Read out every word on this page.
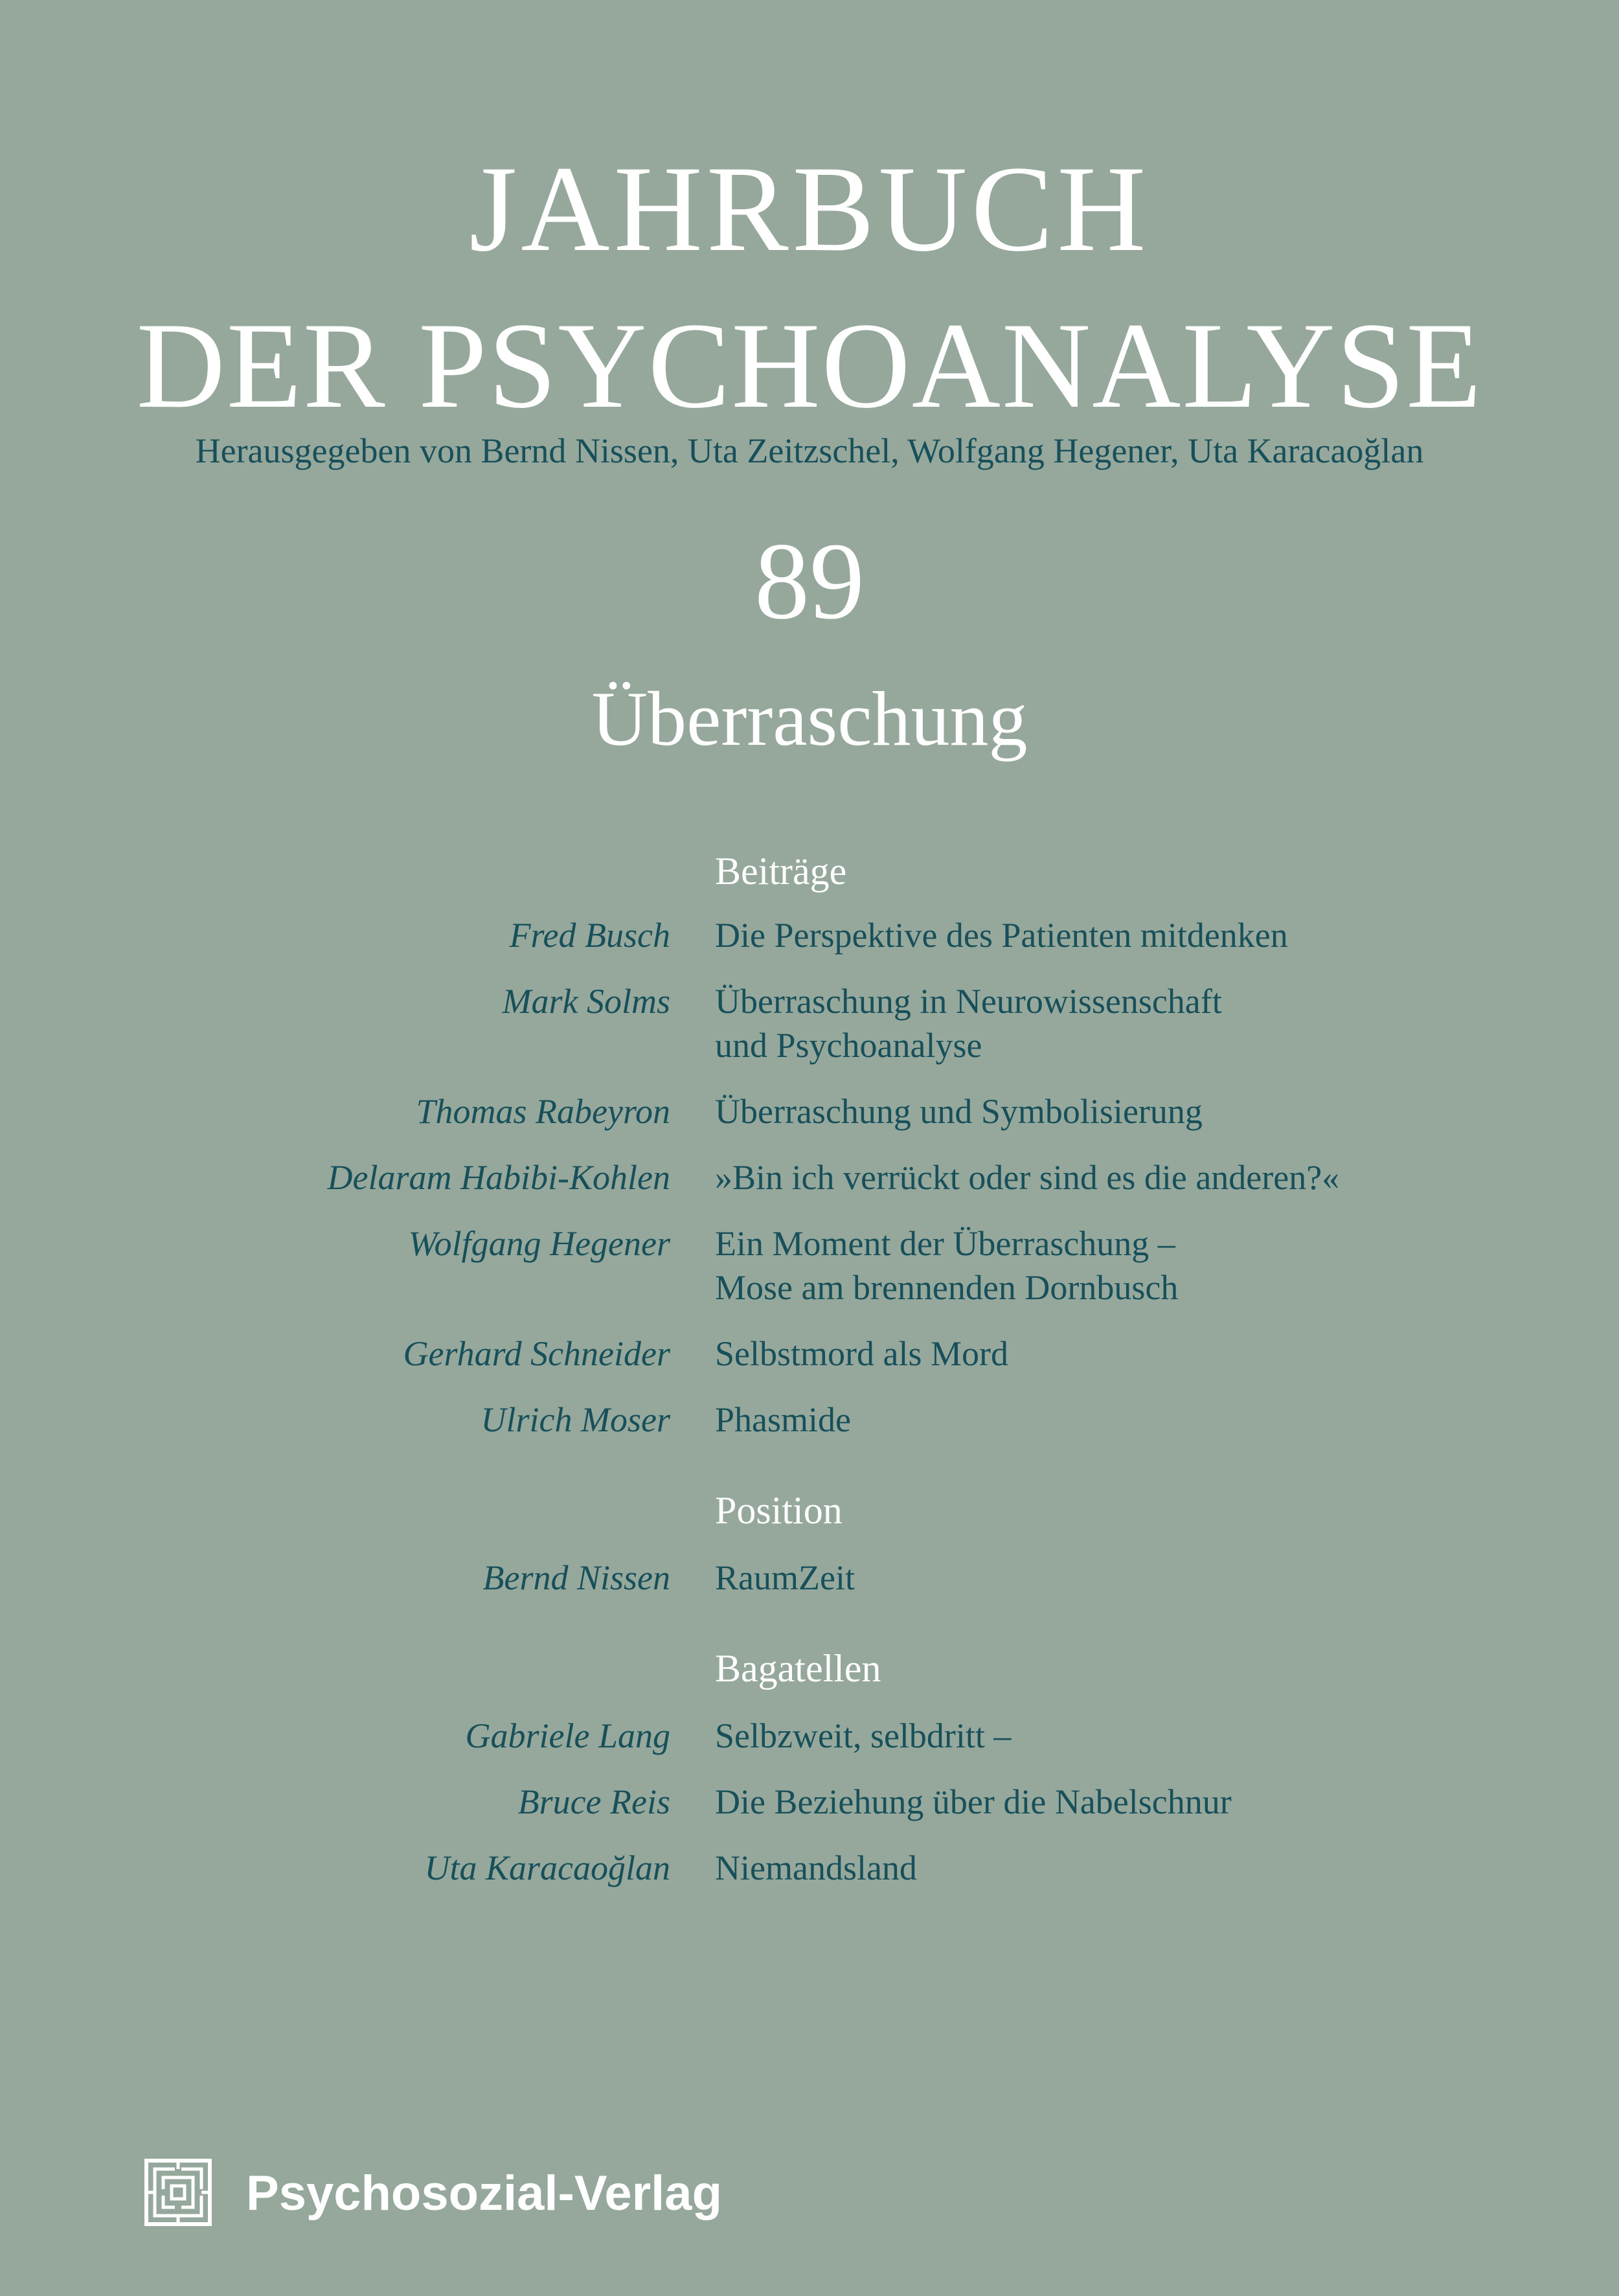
JAHRBUCH
DER PSYCHOANALYSE
Herausgegeben von Bernd Nissen, Uta Zeitzschel, Wolfgang Hegener, Uta Karacaoğlan
89
Überraschung
Beiträge
Fred Busch Die Perspektive des Patienten mitdenken
Mark Solms Überraschung in Neurowissenschaft
und Psychoanalyse
Thomas Rabeyron Überraschung und Symbolisierung
Delaram Habibi-Kohlen »Bin ich verrückt oder sind es die anderen?«
Wolfgang Hegener Ein Moment der Überraschung –
Mose am brennenden Dornbusch
Gerhard Schneider Selbstmord als Mord
Ulrich Moser Phasmide
Position
Bernd Nissen RaumZeit
Bagatellen
Gabriele Lang Selbzweit, selbdritt –
Bruce Reis Die Beziehung über die Nabelschnur
Uta Karacaoğlan Niemandsland
Psychosozial-Verlag
